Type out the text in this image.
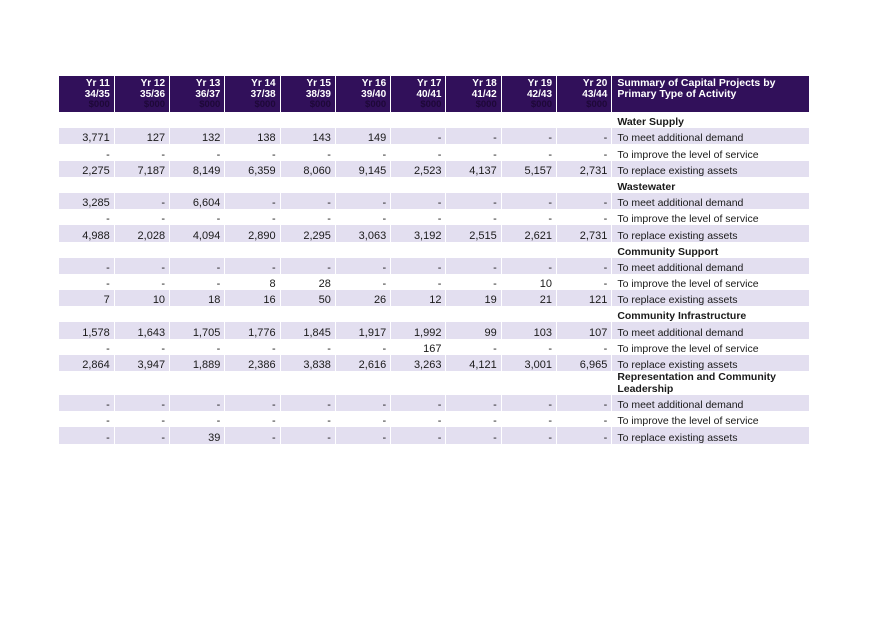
Yr 11
34/35
$000	Yr 12
35/36
$000	Yr 13
36/37
$000	Yr 14
37/38
$000	Yr 15
38/39
$000	Yr 16
39/40
$000	Yr 17
40/41
$000	Yr 18
41/42
$000	Yr 19
42/43
$000	Yr 20
43/44
$000	Summary of Capital Projects by Primary Type of Activity
										Water Supply
3,771	127	132	138	143	149	-	-	-	-	To meet additional demand
-	-	-	-	-	-	-	-	-	-	To improve the level of service
2,275	7,187	8,149	6,359	8,060	9,145	2,523	4,137	5,157	2,731	To replace existing assets
										Wastewater
3,285	-	6,604	-	-	-	-	-	-	-	To meet additional demand
-	-	-	-	-	-	-	-	-	-	To improve the level of service
4,988	2,028	4,094	2,890	2,295	3,063	3,192	2,515	2,621	2,731	To replace existing assets
										Community Support
-	-	-	-	-	-	-	-	-	-	To meet additional demand
-	-	-	8	28	-	-	-	10	-	To improve the level of service
7	10	18	16	50	26	12	19	21	121	To replace existing assets
										Community Infrastructure
1,578	1,643	1,705	1,776	1,845	1,917	1,992	99	103	107	To meet additional demand
-	-	-	-	-	-	167	-	-	-	To improve the level of service
2,864	3,947	1,889	2,386	3,838	2,616	3,263	4,121	3,001	6,965	To replace existing assets
										Representation and Community Leadership
-	-	-	-	-	-	-	-	-	-	To meet additional demand
-	-	-	-	-	-	-	-	-	-	To improve the level of service
-	-	39	-	-	-	-	-	-	-	To replace existing assets
